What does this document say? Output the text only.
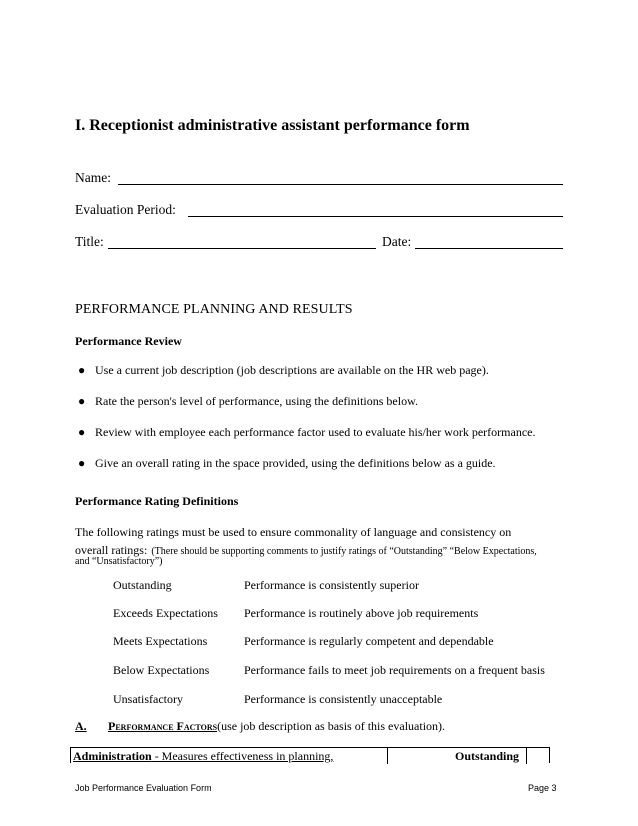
I. Receptionist administrative assistant performance form
Name:
Evaluation Period:
Title:	Date:
PERFORMANCE PLANNING AND RESULTS
Performance Review
● Use a current job description (job descriptions are available on the HR web page).
● Rate the person's level of performance, using the definitions below.
● Review with employee each performance factor used to evaluate his/her work performance.
● Give an overall rating in the space provided, using the definitions below as a guide.
Performance Rating Definitions
The following ratings must be used to ensure commonality of language and consistency on
overall ratings: (There should be supporting comments to justify ratings of “Outstanding” “Below Expectations,
and “Unsatisfactory”)
Outstanding	Performance is consistently superior
Exceeds Expectations Performance is routinely above job requirements
Meets Expectations	Performance is regularly competent and dependable
Below Expectations	Performance fails to meet job requirements on a frequent basis
Unsatisfactory	Performance is consistently unacceptable
A. Performance Factors(use job description as basis of this evaluation).
Administration - Measures effectiveness in planning,	Outstanding
Job Performance Evaluation Form	Page 3
